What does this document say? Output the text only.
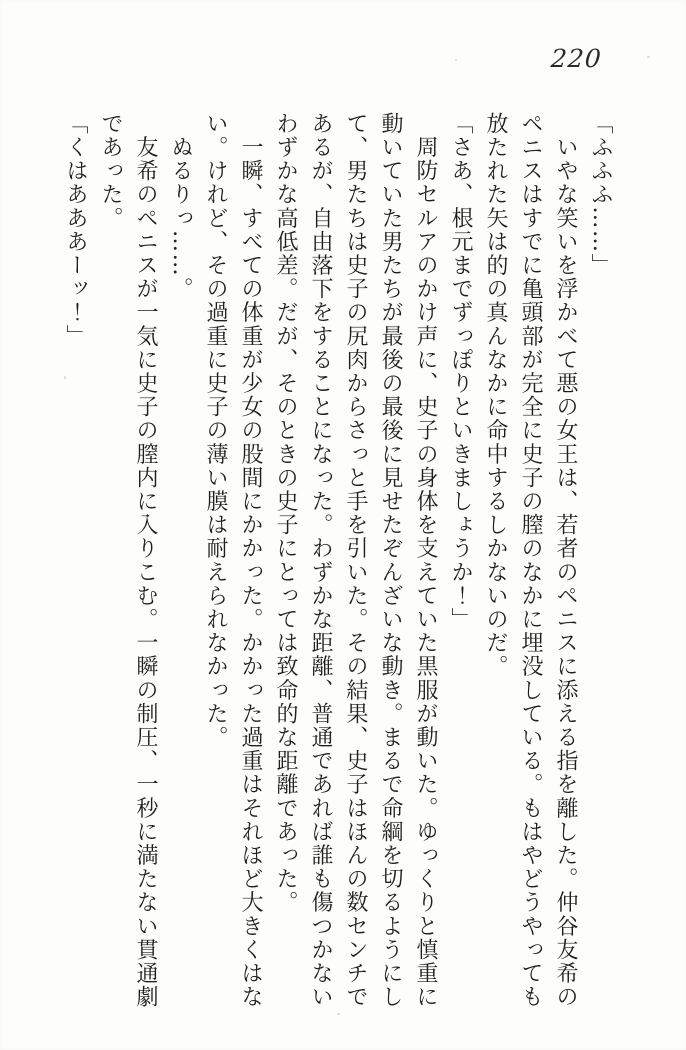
220

「ふふふ……」

　いやな笑いを浮かべて悪の女王は、若者のペニスに添える指を離した。仲谷友希の

ペニスはすでに亀頭部が完全に史子の膣のなかに埋没している。もはやどうやっても

放たれた矢は的の真んなかに命中するしかないのだ。

「さあ、根元までずっぽりといきましょうか！」

　周防セルアのかけ声に、史子の身体を支えていた黒服が動いた。ゆっくりと慎重に

動いていた男たちが最後の最後に見せたぞんざいな動き。まるで命綱を切るようにし

て、男たちは史子の尻肉からさっと手を引いた。その結果、史子はほんの数センチで

あるが、自由落下をすることになった。わずかな距離、普通であれば誰も傷つかない

わずかな高低差。だが、そのときの史子にとっては致命的な距離であった。

　一瞬、すべての体重が少女の股間にかかった。かかった過重はそれほど大きくはな

い。けれど、その過重に史子の薄い膜は耐えられなかった。

　ぬるりっ……。

　友希のペニスが一気に史子の膣内に入りこむ。一瞬の制圧、一秒に満たない貫通劇

であった。

「くはあああーッ！」
